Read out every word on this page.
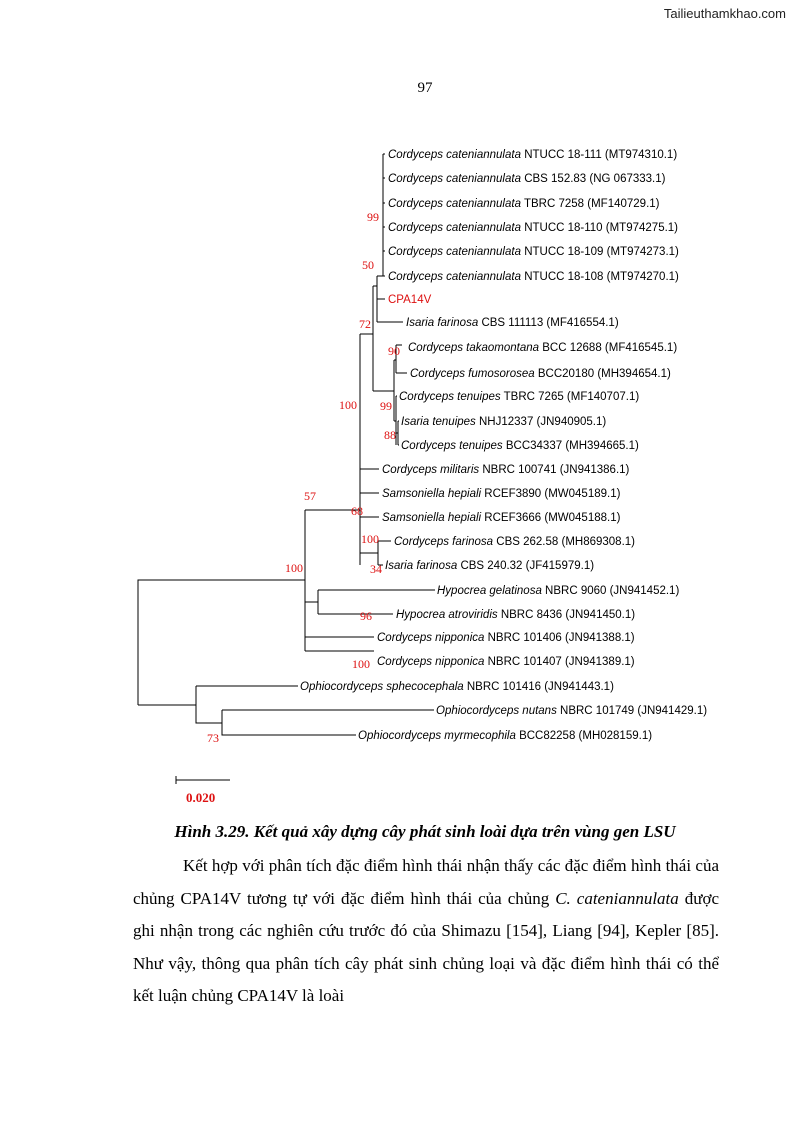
Tailieuthamkhao.com
97
Cordyceps cateniannulata NTUCC 18-111 (MT974310.1)
Cordyceps cateniannulata CBS 152.83 (NG 067333.1)
Cordyceps cateniannulata TBRC 7258 (MF140729.1)
Cordyceps cateniannulata NTUCC 18-110 (MT974275.1)
Cordyceps cateniannulata NTUCC 18-109 (MT974273.1)
Cordyceps cateniannulata NTUCC 18-108 (MT974270.1)
CPA14V
Isaria farinosa CBS 111113 (MF416554.1)
Cordyceps takaomontana BCC 12688 (MF416545.1)
Cordyceps fumosorosea BCC20180 (MH394654.1)
Cordyceps tenuipes TBRC 7265 (MF140707.1)
Isaria tenuipes NHJ12337 (JN940905.1)
Cordyceps tenuipes BCC34337 (MH394665.1)
Cordyceps militaris NBRC 100741 (JN941386.1)
Samsoniella hepiali RCEF3890 (MW045189.1)
Samsoniella hepiali RCEF3666 (MW045188.1)
Cordyceps farinosa CBS 262.58 (MH869308.1)
Isaria farinosa CBS 240.32 (JF415979.1)
Hypocrea gelatinosa NBRC 9060 (JN941452.1)
Hypocrea atroviridis NBRC 8436 (JN941450.1)
Cordyceps nipponica NBRC 101406 (JN941388.1)
Cordyceps nipponica NBRC 101407 (JN941389.1)
Ophiocordyceps sphecocephala NBRC 101416 (JN941443.1)
Ophiocordyceps nutans NBRC 101749 (JN941429.1)
Ophiocordyceps myrmecophila BCC82258 (MH028159.1)
99
50
72
90
100 99
88
68
57
100
100	34
96
100
73
0.020
Hình 3.29. Kết quả xây dựng cây phát sinh loài dựa trên vùng gen LSU

Kết hợp với phân tích đặc điểm hình thái nhận thấy các đặc điểm hình thái của chủng CPA14V tương tự với đặc điểm hình thái của chủng C. cateniannulata được ghi nhận trong các nghiên cứu trước đó của Shimazu [154], Liang [94], Kepler [85]. Như vậy, thông qua phân tích cây phát sinh chủng loại và đặc điểm hình thái có thể kết luận chủng CPA14V là loài
